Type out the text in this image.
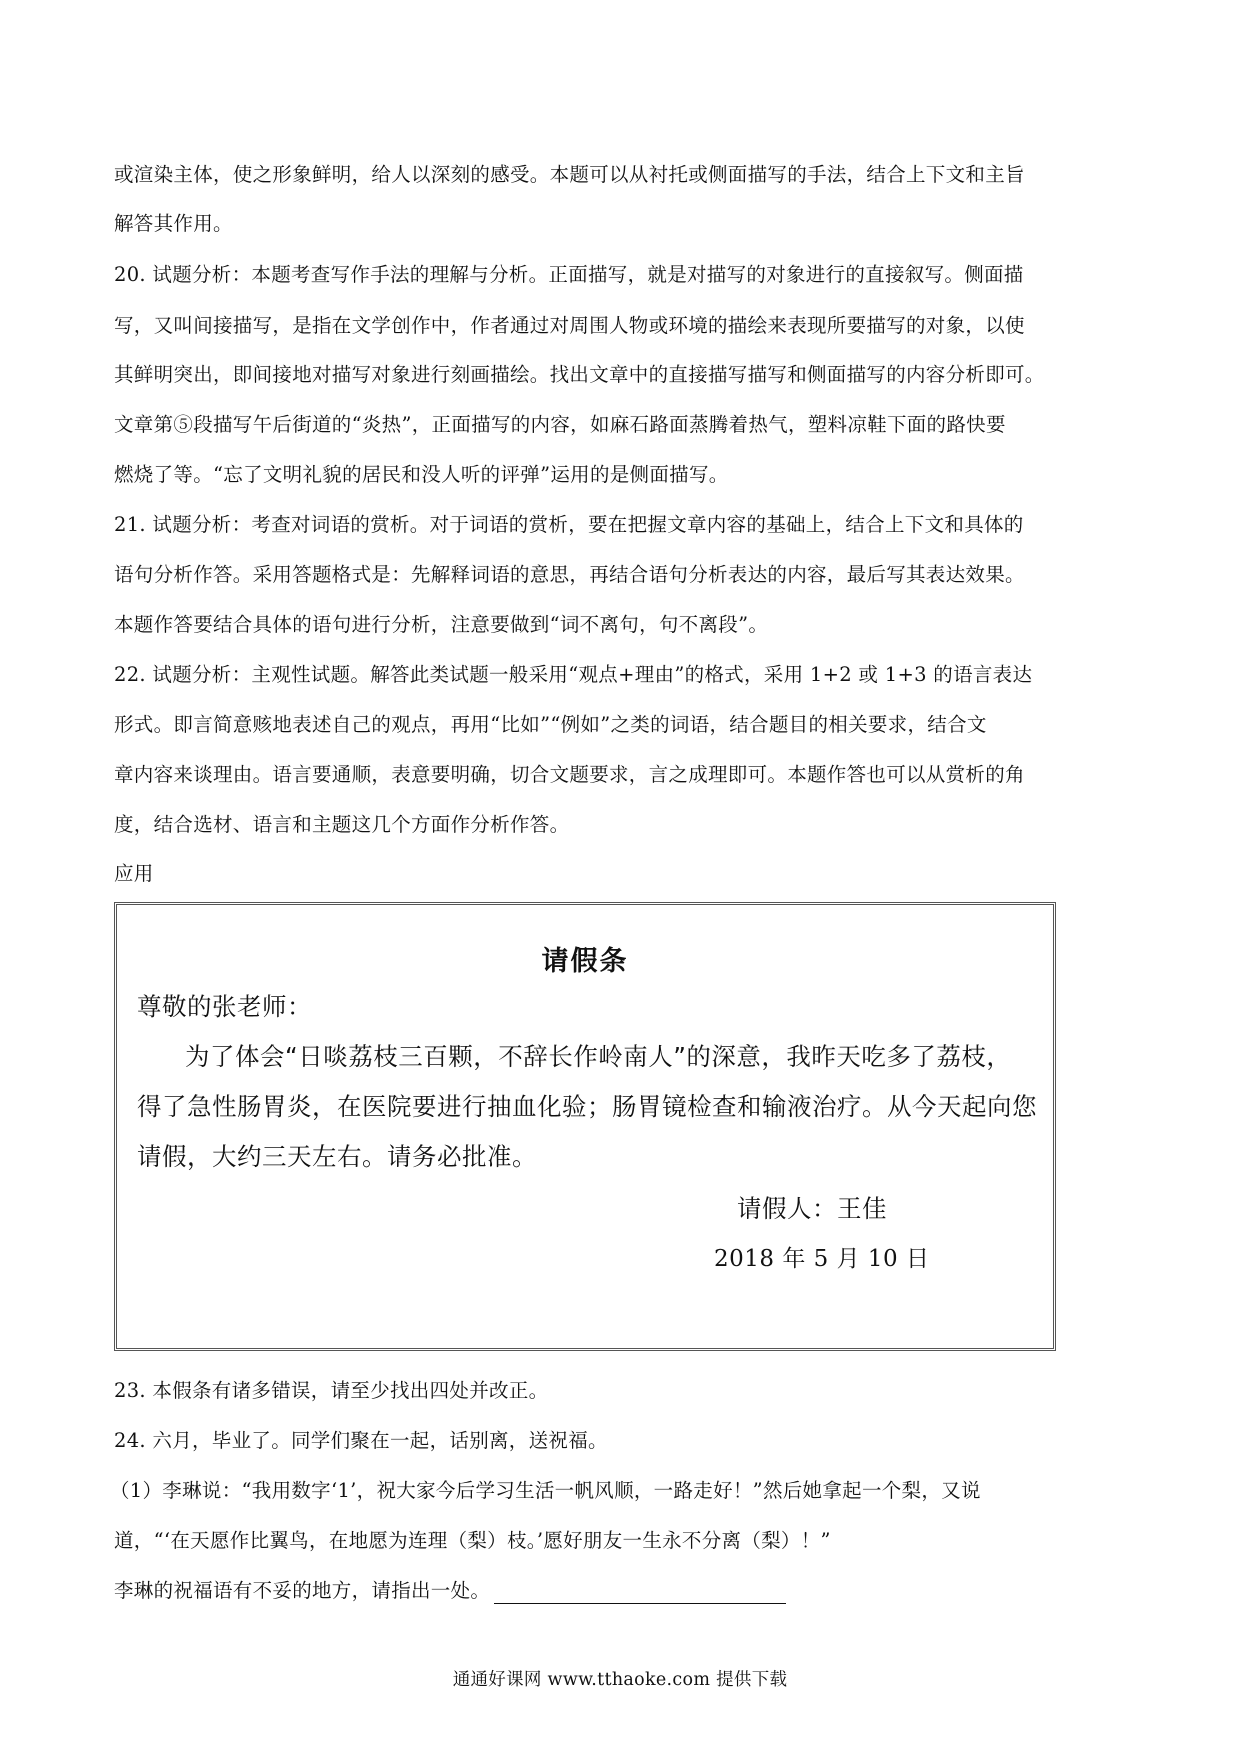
或渲染主体，使之形象鲜明，给人以深刻的感受。本题可以从衬托或侧面描写的手法，结合上下文和主旨
解答其作用。
20. 试题分析：本题考查写作手法的理解与分析。正面描写，就是对描写的对象进行的直接叙写。侧面描
写，又叫间接描写，是指在文学创作中，作者通过对周围人物或环境的描绘来表现所要描写的对象，以使
其鲜明突出，即间接地对描写对象进行刻画描绘。找出文章中的直接描写描写和侧面描写的内容分析即可。
文章第⑤段描写午后街道的“炎热”，正面描写的内容，如麻石路面蒸腾着热气，塑料凉鞋下面的路快要
燃烧了等。“忘了文明礼貌的居民和没人听的评弹”运用的是侧面描写。
21. 试题分析：考查对词语的赏析。对于词语的赏析，要在把握文章内容的基础上，结合上下文和具体的
语句分析作答。采用答题格式是：先解释词语的意思，再结合语句分析表达的内容，最后写其表达效果。
本题作答要结合具体的语句进行分析，注意要做到“词不离句，句不离段”。
22. 试题分析：主观性试题。解答此类试题一般采用“观点+理由”的格式，采用 1+2 或 1+3 的语言表达
形式。即言简意赅地表述自己的观点，再用“比如”“例如”之类的词语，结合题目的相关要求，结合文
章内容来谈理由。语言要通顺，表意要明确，切合文题要求，言之成理即可。本题作答也可以从赏析的角
度，结合选材、语言和主题这几个方面作分析作答。
应用
请假条
尊敬的张老师：
为了体会“日啖荔枝三百颗，不辞长作岭南人”的深意，我昨天吃多了荔枝，
得了急性肠胃炎，在医院要进行抽血化验；肠胃镜检查和输液治疗。从今天起向您
请假，大约三天左右。请务必批准。
请假人：王佳
2018 年 5 月 10 日
23. 本假条有诸多错误，请至少找出四处并改正。
24. 六月，毕业了。同学们聚在一起，话别离，送祝福。
（1）李琳说：“我用数字‘1’，祝大家今后学习生活一帆风顺，一路走好！”然后她拿起一个梨，又说
道，“‘在天愿作比翼鸟，在地愿为连理（梨）枝。’愿好朋友一生永不分离（梨）！”
李琳的祝福语有不妥的地方，请指出一处。
通通好课网 www.tthaoke.com 提供下载
